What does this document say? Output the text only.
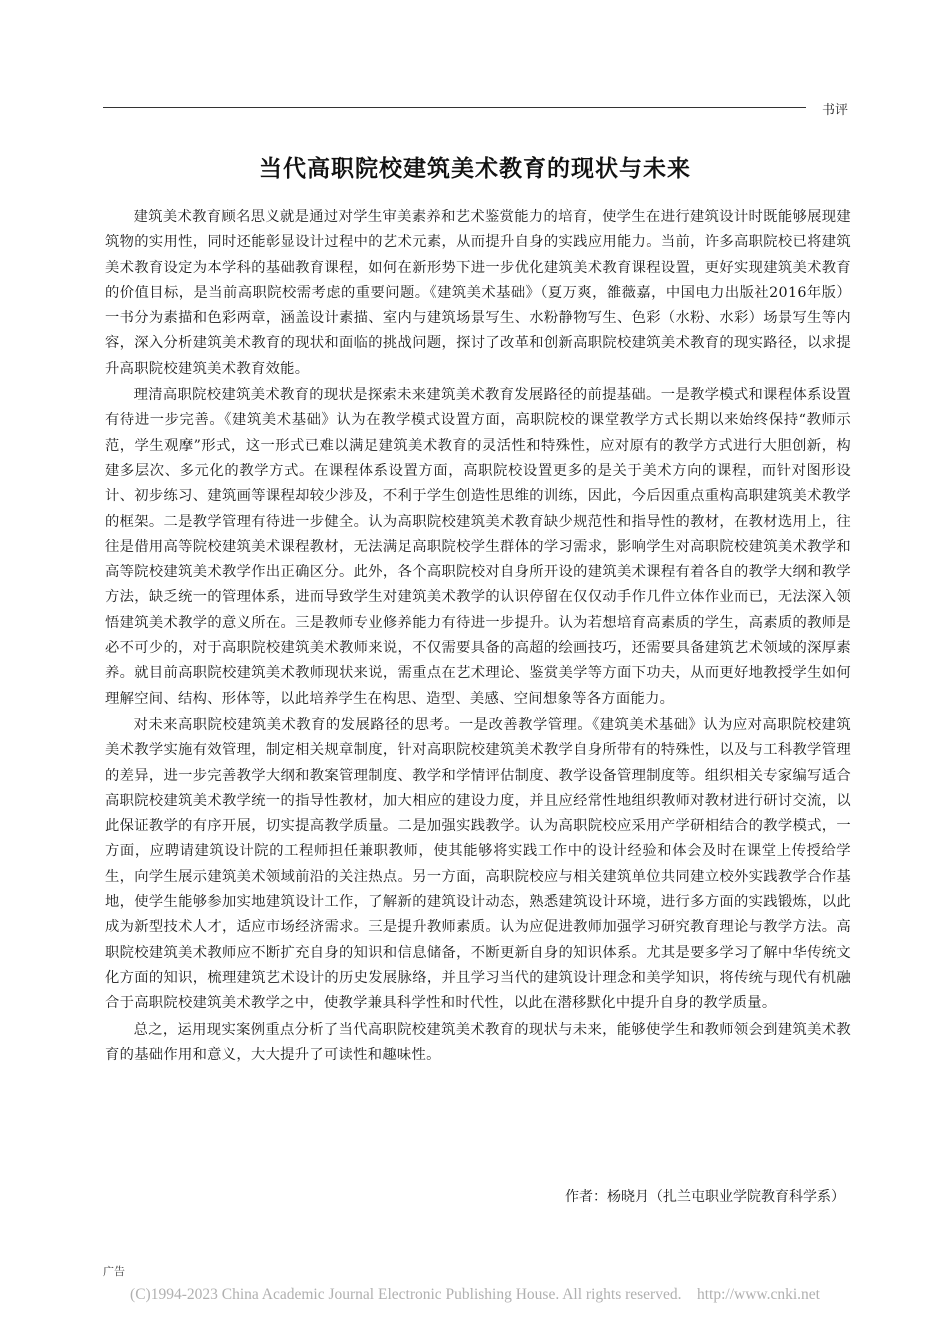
书评
当代高职院校建筑美术教育的现状与未来

建筑美术教育顾名思义就是通过对学生审美素养和艺术鉴赏能力的培育，使学生在进行建筑设计时既能够展现建筑物的实用性，同时还能彰显设计过程中的艺术元素，从而提升自身的实践应用能力。当前，许多高职院校已将建筑美术教育设定为本学科的基础教育课程，如何在新形势下进一步优化建筑美术教育课程设置，更好实现建筑美术教育的价值目标，是当前高职院校需考虑的重要问题。《建筑美术基础》（夏万爽，雒薇嘉，中国电力出版社2016年版）一书分为素描和色彩两章，涵盖设计素描、室内与建筑场景写生、水粉静物写生、色彩（水粉、水彩）场景写生等内容，深入分析建筑美术教育的现状和面临的挑战问题，探讨了改革和创新高职院校建筑美术教育的现实路径，以求提升高职院校建筑美术教育效能。

理清高职院校建筑美术教育的现状是探索未来建筑美术教育发展路径的前提基础。一是教学模式和课程体系设置有待进一步完善。《建筑美术基础》认为在教学模式设置方面，高职院校的课堂教学方式长期以来始终保持“教师示范，学生观摩”形式，这一形式已难以满足建筑美术教育的灵活性和特殊性，应对原有的教学方式进行大胆创新，构建多层次、多元化的教学方式。在课程体系设置方面，高职院校设置更多的是关于美术方向的课程，而针对图形设计、初步练习、建筑画等课程却较少涉及，不利于学生创造性思维的训练，因此，今后因重点重构高职建筑美术教学的框架。二是教学管理有待进一步健全。认为高职院校建筑美术教育缺少规范性和指导性的教材，在教材选用上，往往是借用高等院校建筑美术课程教材，无法满足高职院校学生群体的学习需求，影响学生对高职院校建筑美术教学和高等院校建筑美术教学作出正确区分。此外，各个高职院校对自身所开设的建筑美术课程有着各自的教学大纲和教学方法，缺乏统一的管理体系，进而导致学生对建筑美术教学的认识停留在仅仅动手作几件立体作业而已，无法深入领悟建筑美术教学的意义所在。三是教师专业修养能力有待进一步提升。认为若想培育高素质的学生，高素质的教师是必不可少的，对于高职院校建筑美术教师来说，不仅需要具备的高超的绘画技巧，还需要具备建筑艺术领域的深厚素养。就目前高职院校建筑美术教师现状来说，需重点在艺术理论、鉴赏美学等方面下功夫，从而更好地教授学生如何理解空间、结构、形体等，以此培养学生在构思、造型、美感、空间想象等各方面能力。

对未来高职院校建筑美术教育的发展路径的思考。一是改善教学管理。《建筑美术基础》认为应对高职院校建筑美术教学实施有效管理，制定相关规章制度，针对高职院校建筑美术教学自身所带有的特殊性，以及与工科教学管理的差异，进一步完善教学大纲和教案管理制度、教学和学情评估制度、教学设备管理制度等。组织相关专家编写适合高职院校建筑美术教学统一的指导性教材，加大相应的建设力度，并且应经常性地组织教师对教材进行研讨交流，以此保证教学的有序开展，切实提高教学质量。二是加强实践教学。认为高职院校应采用产学研相结合的教学模式，一方面，应聘请建筑设计院的工程师担任兼职教师，使其能够将实践工作中的设计经验和体会及时在课堂上传授给学生，向学生展示建筑美术领域前沿的关注热点。另一方面，高职院校应与相关建筑单位共同建立校外实践教学合作基地，使学生能够参加实地建筑设计工作，了解新的建筑设计动态，熟悉建筑设计环境，进行多方面的实践锻炼，以此成为新型技术人才，适应市场经济需求。三是提升教师素质。认为应促进教师加强学习研究教育理论与教学方法。高职院校建筑美术教师应不断扩充自身的知识和信息储备，不断更新自身的知识体系。尤其是要多学习了解中华传统文化方面的知识，梳理建筑艺术设计的历史发展脉络，并且学习当代的建筑设计理念和美学知识，将传统与现代有机融合于高职院校建筑美术教学之中，使教学兼具科学性和时代性，以此在潜移默化中提升自身的教学质量。

总之，运用现实案例重点分析了当代高职院校建筑美术教育的现状与未来，能够使学生和教师领会到建筑美术教育的基础作用和意义，大大提升了可读性和趣味性。

作者：杨晓月（扎兰屯职业学院教育科学系）
广告
(C)1994-2023 China Academic Journal Electronic Publishing House. All rights reserved.    http://www.cnki.net
